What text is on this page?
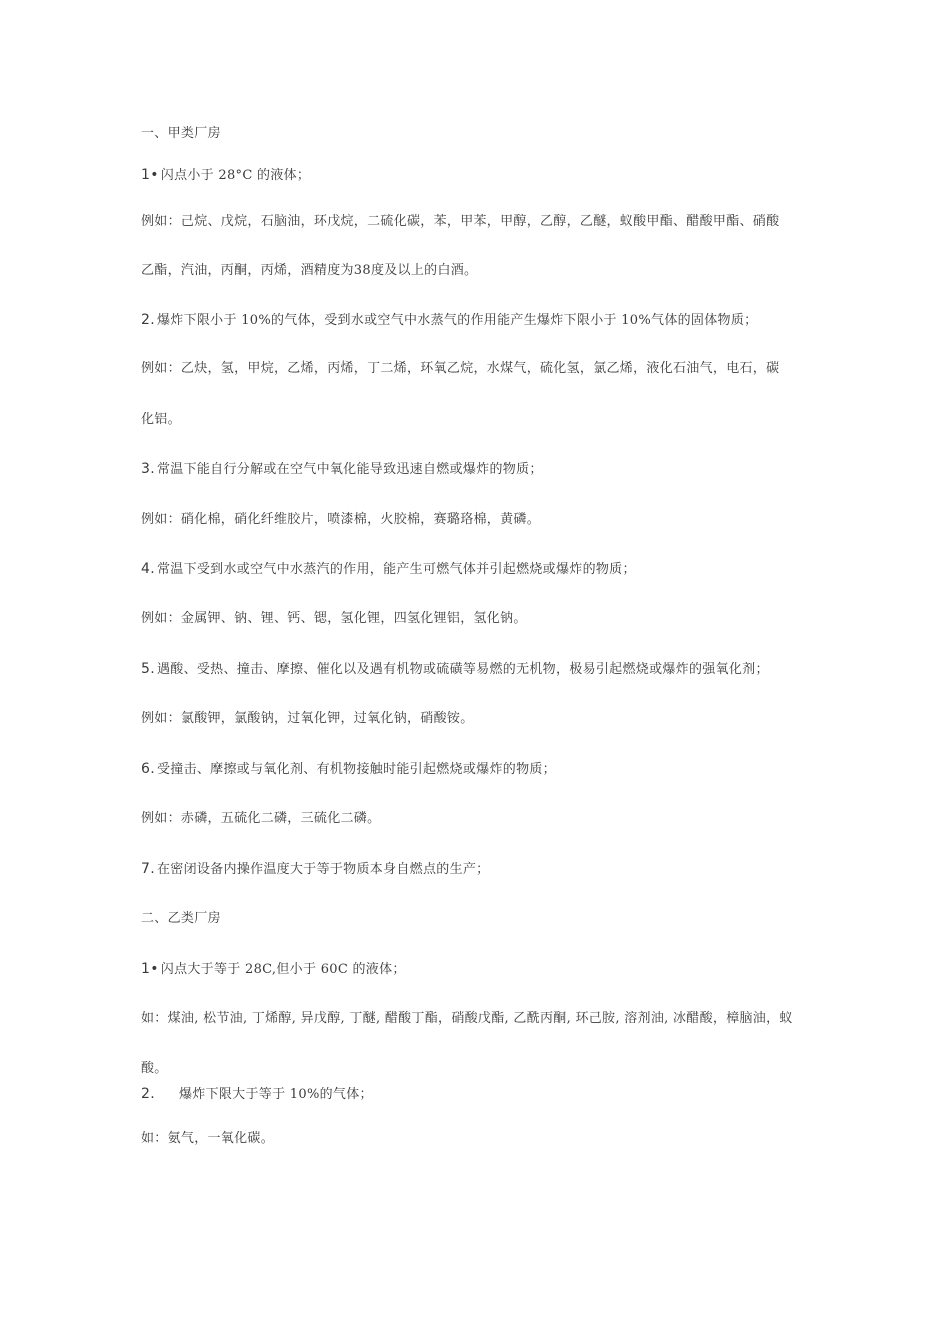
一、甲类厂房
1• 闪点小于 28°C 的液体；
例如：己烷、戊烷，石脑油，环戊烷，二硫化碳，苯，甲苯，甲醇，乙醇，乙醚，蚁酸甲酯、醋酸甲酯、硝酸
乙酯，汽油，丙酮，丙烯，酒精度为38度及以上的白酒。
2. 爆炸下限小于 10%的气体，受到水或空气中水蒸气的作用能产生爆炸下限小于 10%气体的固体物质；
例如：乙炔，氢，甲烷，乙烯，丙烯，丁二烯，环氧乙烷，水煤气，硫化氢，氯乙烯，液化石油气，电石，碳
化铝。
3. 常温下能自行分解或在空气中氧化能导致迅速自燃或爆炸的物质；
例如：硝化棉，硝化纤维胶片，喷漆棉，火胶棉，赛璐珞棉，黄磷。
4. 常温下受到水或空气中水蒸汽的作用，能产生可燃气体并引起燃烧或爆炸的物质；
例如：金属钾、钠、锂、钙、锶，氢化锂，四氢化锂铝，氢化钠。
5. 遇酸、受热、撞击、摩擦、催化以及遇有机物或硫磺等易燃的无机物，极易引起燃烧或爆炸的强氧化剂；
例如：氯酸钾，氯酸钠，过氧化钾，过氧化钠，硝酸铵。
6. 受撞击、摩擦或与氧化剂、有机物接触时能引起燃烧或爆炸的物质；
例如：赤磷，五硫化二磷，三硫化二磷。
7. 在密闭设备内操作温度大于等于物质本身自燃点的生产；
二、乙类厂房
1• 闪点大于等于 28C,但小于 60C 的液体；
如：煤油, 松节油, 丁烯醇, 异戊醇, 丁醚, 醋酸丁酯，硝酸戊酯, 乙酰丙酮, 环己胺, 溶剂油, 冰醋酸，樟脑油，蚁
酸。
2. 爆炸下限大于等于 10%的气体；
如：氨气，一氧化碳。
